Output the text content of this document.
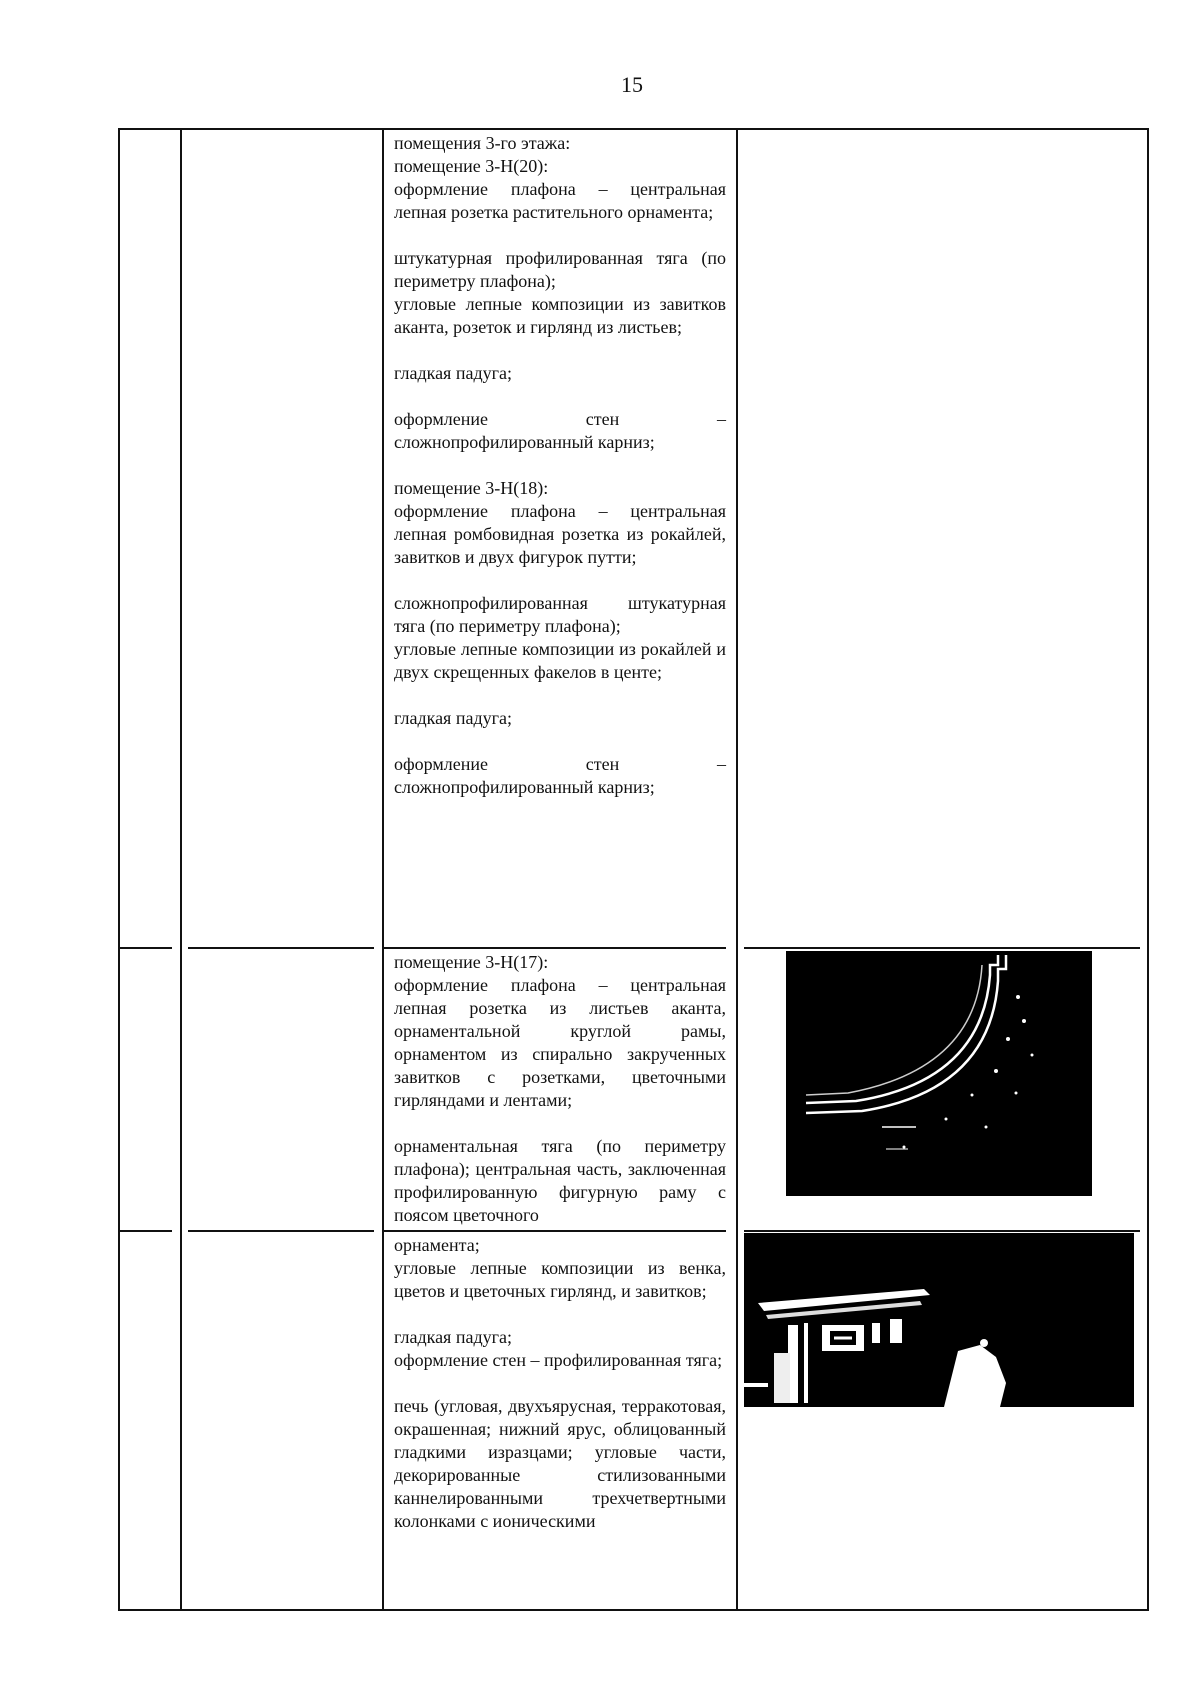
15

помещения 3-го этажа:

помещение 3-Н(20):

оформление плафона – центральная лепная розетка растительного орнамента;

штукатурная профилированная тяга (по периметру плафона);

угловые лепные композиции из завитков аканта, розеток и гирлянд из листьев;

гладкая падуга;

оформление стен – сложнопрофилированный карниз;

помещение 3-Н(18):

оформление плафона – центральная лепная ромбовидная розетка из рокайлей, завитков и двух фигурок путти;

сложнопрофилированная штукатурная тяга (по периметру плафона);

угловые лепные композиции из рокайлей и двух скрещенных факелов в центе;

гладкая падуга;

оформление стен – сложнопрофилированный карниз;

помещение 3-Н(17):

оформление плафона – центральная лепная розетка из листьев аканта, орнаментальной круглой рамы, орнаментом из спирально закрученных завитков с розетками, цветочными гирляндами и лентами;

орнаментальная тяга (по периметру плафона); центральная часть, заключенная профилированную фигурную раму с поясом цветочного

орнамента;

угловые лепные композиции из венка, цветов и цветочных гирлянд, и завитков;

гладкая падуга;

оформление стен – профилированная тяга;

печь (угловая, двухъярусная, терракотовая, окрашенная; нижний ярус, облицованный гладкими изразцами; угловые части, декорированные стилизованными каннелированными трехчетвертными колонками с ионическими
